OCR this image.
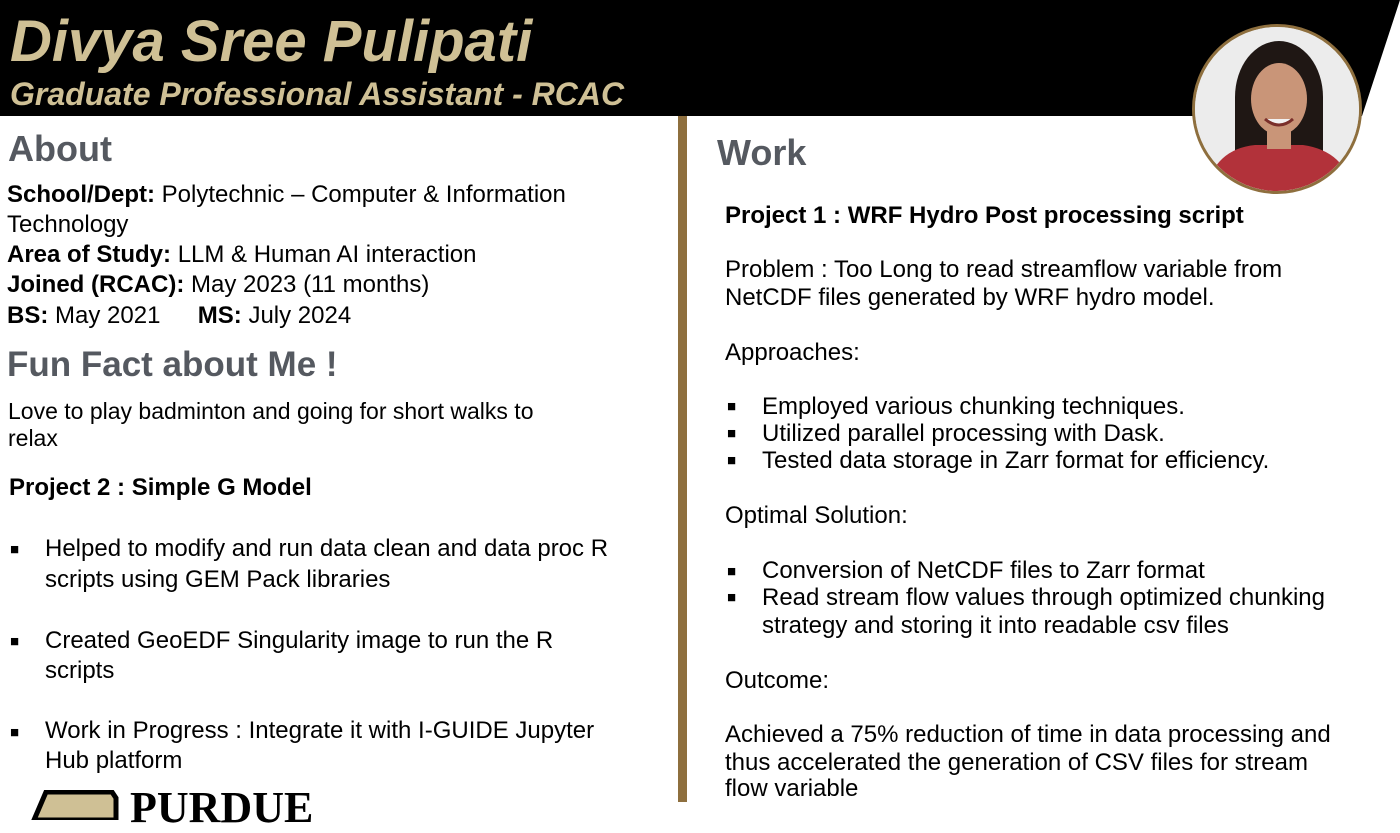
Divya Sree Pulipati
Graduate Professional Assistant - RCAC
About
School/Dept: Polytechnic – Computer & Information
Technology
Area of Study: LLM & Human AI interaction
Joined (RCAC): May 2023 (11 months)
BS: May 2021 MS: July 2024
Fun Fact about Me !
Love to play badminton and going for short walks to
relax
Project 2 : Simple G Model
■ Helped to modify and run data clean and data proc R
scripts using GEM Pack libraries
■ Created GeoEDF Singularity image to run the R
scripts
■ Work in Progress : Integrate it with I-GUIDE Jupyter
Hub platform
PURDUE
Work
Project 1 : WRF Hydro Post processing script
Problem : Too Long to read streamflow variable from
NetCDF files generated by WRF hydro model.
Approaches:
■ Employed various chunking techniques.
■ Utilized parallel processing with Dask.
■ Tested data storage in Zarr format for efficiency.
Optimal Solution:
■ Conversion of NetCDF files to Zarr format
■ Read stream flow values through optimized chunking
strategy and storing it into readable csv files
Outcome:
Achieved a 75% reduction of time in data processing and
thus accelerated the generation of CSV files for stream
flow variable
